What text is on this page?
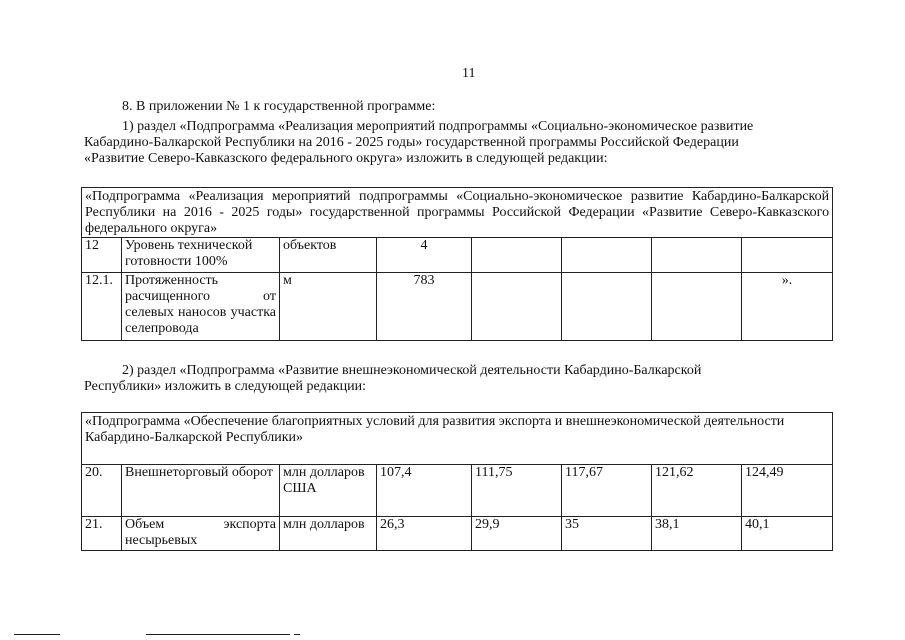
11
8. В приложении № 1 к государственной программе:
1) раздел «Подпрограмма «Реализация мероприятий подпрограммы «Социально-экономическое развитие
Кабардино-Балкарской Республики на 2016 - 2025 годы» государственной программы Российской Федерации
«Развитие Северо-Кавказского федерального округа» изложить в следующей редакции:
«Подпрограмма «Реализация мероприятий подпрограммы «Социально-экономическое развитие Кабардино-Балкарской Республики на 2016 - 2025 годы» государственной программы Российской Федерации «Развитие Северо-Кавказского федерального округа»							
12	Уровень технической готовности 100%	объектов	4				
12.1.	Протяженность расчищенного от селевых наносов участка селепровода	м	783				».
2) раздел «Подпрограмма «Развитие внешнеэкономической деятельности Кабардино-Балкарской
Республики» изложить в следующей редакции:
«Подпрограмма «Обеспечение благоприятных условий для развития экспорта и внешнеэкономической деятельности
Кабардино-Балкарской Республики»							

20.	Внешнеторговый оборот	млн долларов США	107,4	111,75	117,67	121,62	124,49
21.	Объем экспорта несырьевых	млн долларов	26,3	29,9	35	38,1	40,1
